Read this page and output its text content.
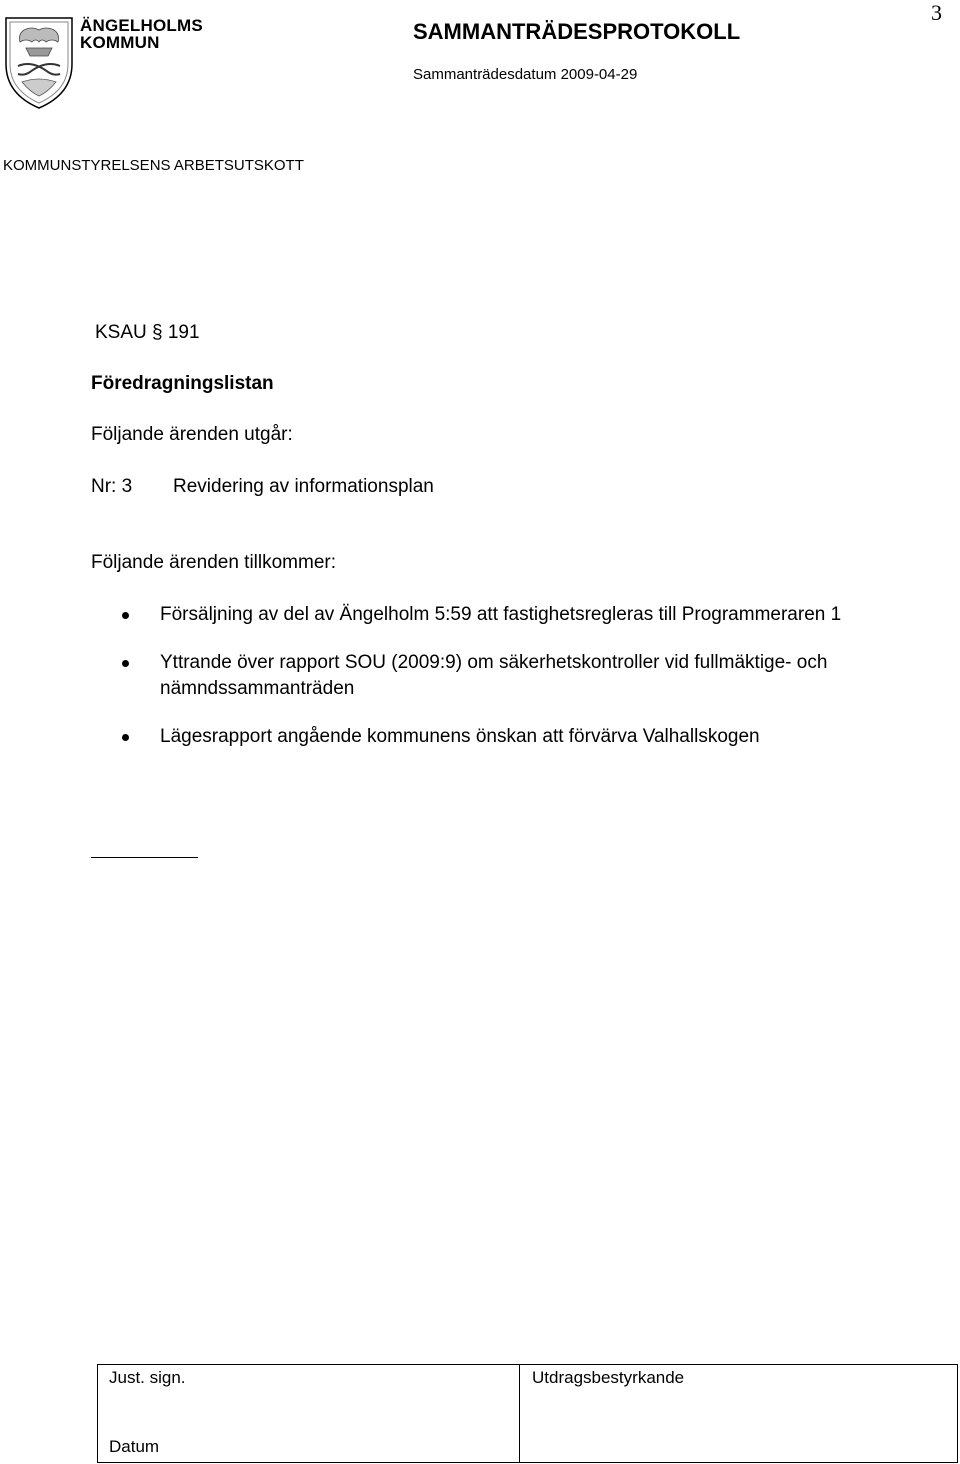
ÄNGELHOLMS
KOMMUN
3
SAMMANTRÄDESPROTOKOLL
Sammanträdesdatum 2009-04-29
KOMMUNSTYRELSENS ARBETSUTSKOTT
KSAU § 191
Föredragningslistan
Följande ärenden utgår:
Nr: 3 Revidering av informationsplan
Följande ärenden tillkommer:
Försäljning av del av Ängelholm 5:59 att fastighetsregleras till Programmeraren 1
Yttrande över rapport SOU (2009:9) om säkerhetskontroller vid fullmäktige- och nämndssammanträden
Lägesrapport angående kommunens önskan att förvärva Valhallskogen
Just. sign.
Datum
Utdragsbestyrkande
